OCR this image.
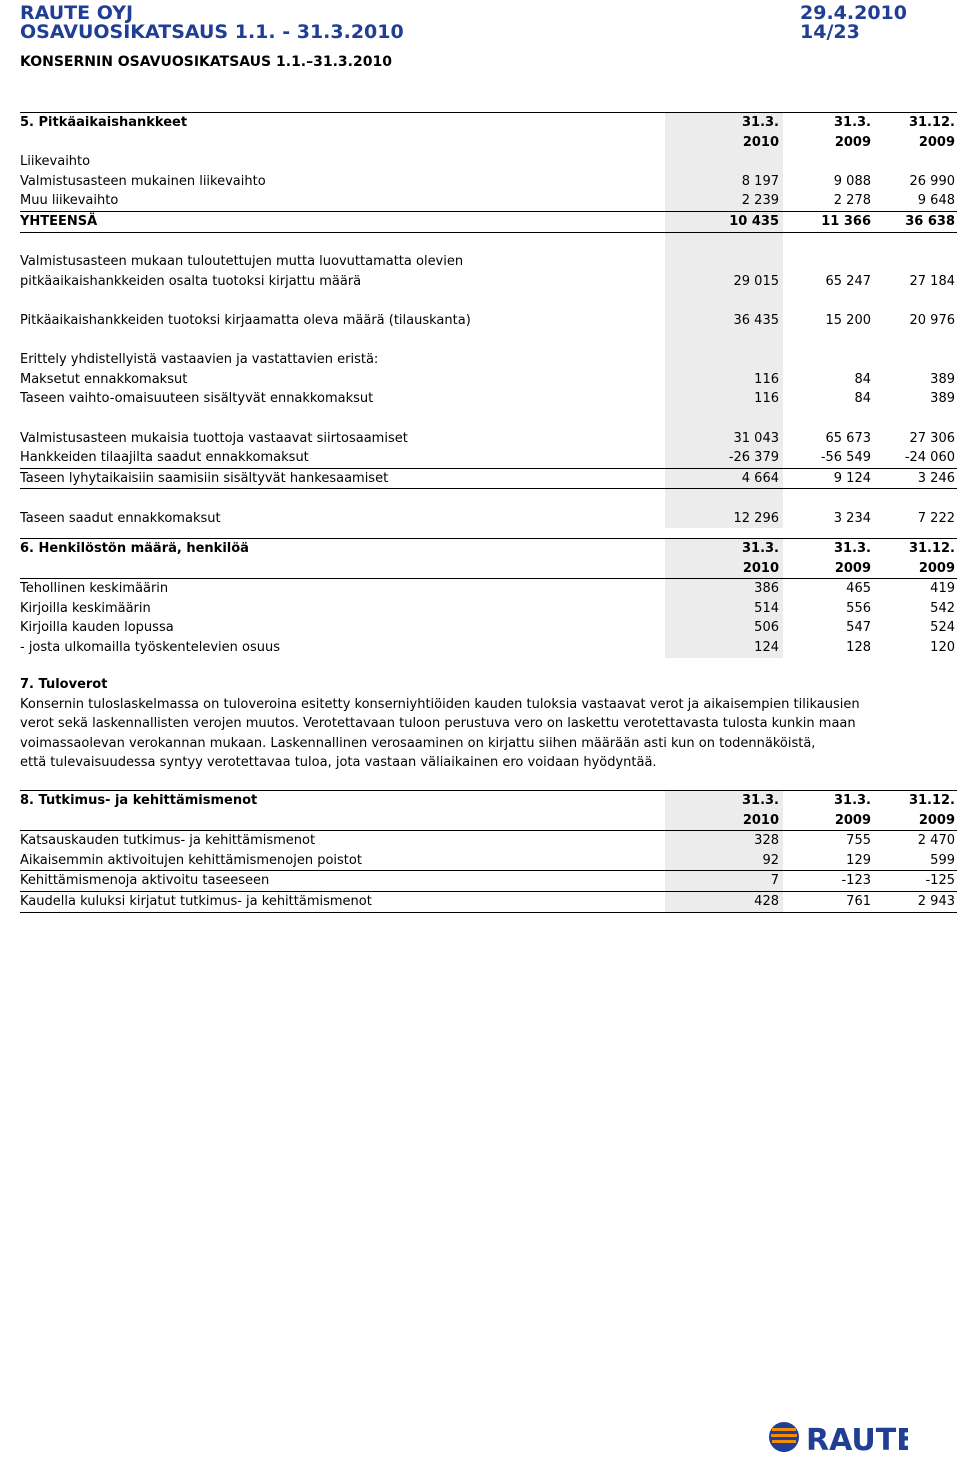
RAUTE OYJ
OSAVUOSIKATSAUS 1.1. - 31.3.2010
29.4.2010
14/23
KONSERNIN OSAVUOSIKATSAUS 1.1.–31.3.2010
5. Pitkäaikaishankkeet	31.3.	31.3.	31.12.
2010	2009	2009
Liikevaihto
Valmistusasteen mukainen liikevaihto	8 197	9 088	26 990
Muu liikevaihto	2 239	2 278	9 648
YHTEENSÄ	10 435	11 366	36 638
Valmistusasteen mukaan tuloutettujen mutta luovuttamatta olevien
pitkäaikaishankkeiden osalta tuotoksi kirjattu määrä	29 015	65 247	27 184
Pitkäaikaishankkeiden tuotoksi kirjaamatta oleva määrä (tilauskanta)	36 435	15 200	20 976
Erittely yhdistellyistä vastaavien ja vastattavien eristä:
Maksetut ennakkomaksut	116	84	389
Taseen vaihto-omaisuuteen sisältyvät ennakkomaksut	116	84	389
Valmistusasteen mukaisia tuottoja vastaavat siirtosaamiset	31 043	65 673	27 306
Hankkeiden tilaajilta saadut ennakkomaksut	-26 379	-56 549	-24 060
Taseen lyhytaikaisiin saamisiin sisältyvät hankesaamiset	4 664	9 124	3 246
Taseen saadut ennakkomaksut	12 296	3 234	7 222
6. Henkilöstön määrä, henkilöä	31.3.	31.3.	31.12.
2010	2009	2009
Tehollinen keskimäärin	386	465	419
Kirjoilla keskimäärin	514	556	542
Kirjoilla kauden lopussa	506	547	524
- josta ulkomailla työskentelevien osuus	124	128	120
7. Tuloverot
Konsernin tuloslaskelmassa on tuloveroina esitetty konserniyhtiöiden kauden tuloksia vastaavat verot ja aikaisempien tilikausien
verot sekä laskennallisten verojen muutos. Verotettavaan tuloon perustuva vero on laskettu verotettavasta tulosta kunkin maan
voimassaolevan verokannan mukaan. Laskennallinen verosaaminen on kirjattu siihen määrään asti kun on todennäköistä,
että tulevaisuudessa syntyy verotettavaa tuloa, jota vastaan väliaikainen ero voidaan hyödyntää.
8. Tutkimus- ja kehittämismenot	31.3.	31.3.	31.12.
2010	2009	2009
Katsauskauden tutkimus- ja kehittämismenot	328	755	2 470
Aikaisemmin aktivoitujen kehittämismenojen poistot	92	129	599
Kehittämismenoja aktivoitu taseeseen	7	-123	-125
Kaudella kuluksi kirjatut tutkimus- ja kehittämismenot	428	761	2 943
RAUTE
